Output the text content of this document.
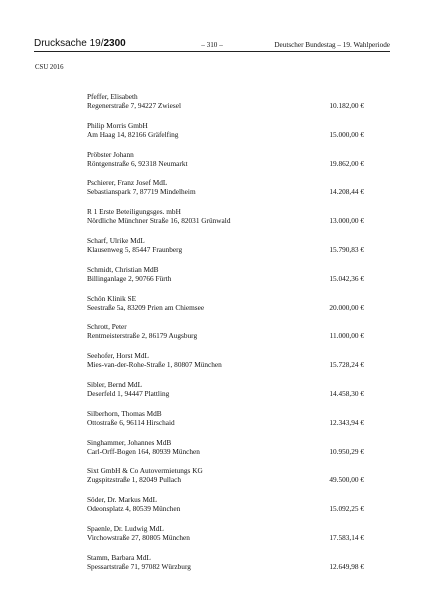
Drucksache 19/2300	– 310 –	Deutscher Bundestag – 19. Wahlperiode
CSU 2016
Pfeffer, Elisabeth
Regenerstraße 7, 94227 Zwiesel	10.182,00 €
Philip Morris GmbH
Am Haag 14, 82166 Gräfelfing	15.000,00 €
Pröbster Johann
Röntgenstraße 6, 92318 Neumarkt	19.862,00 €
Pschierer, Franz Josef MdL
Sebastianspark 7, 87719 Mindelheim	14.208,44 €
R 1 Erste Beteiligungsges. mbH
Nördliche Münchner Straße 16, 82031 Grünwald	13.000,00 €
Scharf, Ulrike MdL
Klausenweg 5, 85447 Fraunberg	15.790,83 €
Schmidt, Christian MdB
Billinganlage 2, 90766 Fürth	15.042,36 €
Schön Klinik SE
Seestraße 5a, 83209 Prien am Chiemsee	20.000,00 €
Schrott, Peter
Rentmeisterstraße 2, 86179 Augsburg	11.000,00 €
Seehofer, Horst MdL
Mies-van-der-Rohe-Straße 1, 80807 München	15.728,24 €
Sibler, Bernd MdL
Deserfeld 1, 94447 Plattling	14.458,30 €
Silberhorn, Thomas MdB
Ottostraße 6, 96114 Hirschaid	12.343,94 €
Singhammer, Johannes MdB
Carl-Orff-Bogen 164, 80939 München	10.950,29 €
Sixt GmbH & Co Autovermietungs KG
Zugspitzstraße 1, 82049 Pullach	49.500,00 €
Söder, Dr. Markus MdL
Odeonsplatz 4, 80539 München	15.092,25 €
Spaenle, Dr. Ludwig MdL
Virchowstraße 27, 80805 München	17.583,14 €
Stamm, Barbara MdL
Spessartstraße 71, 97082 Würzburg	12.649,98 €
